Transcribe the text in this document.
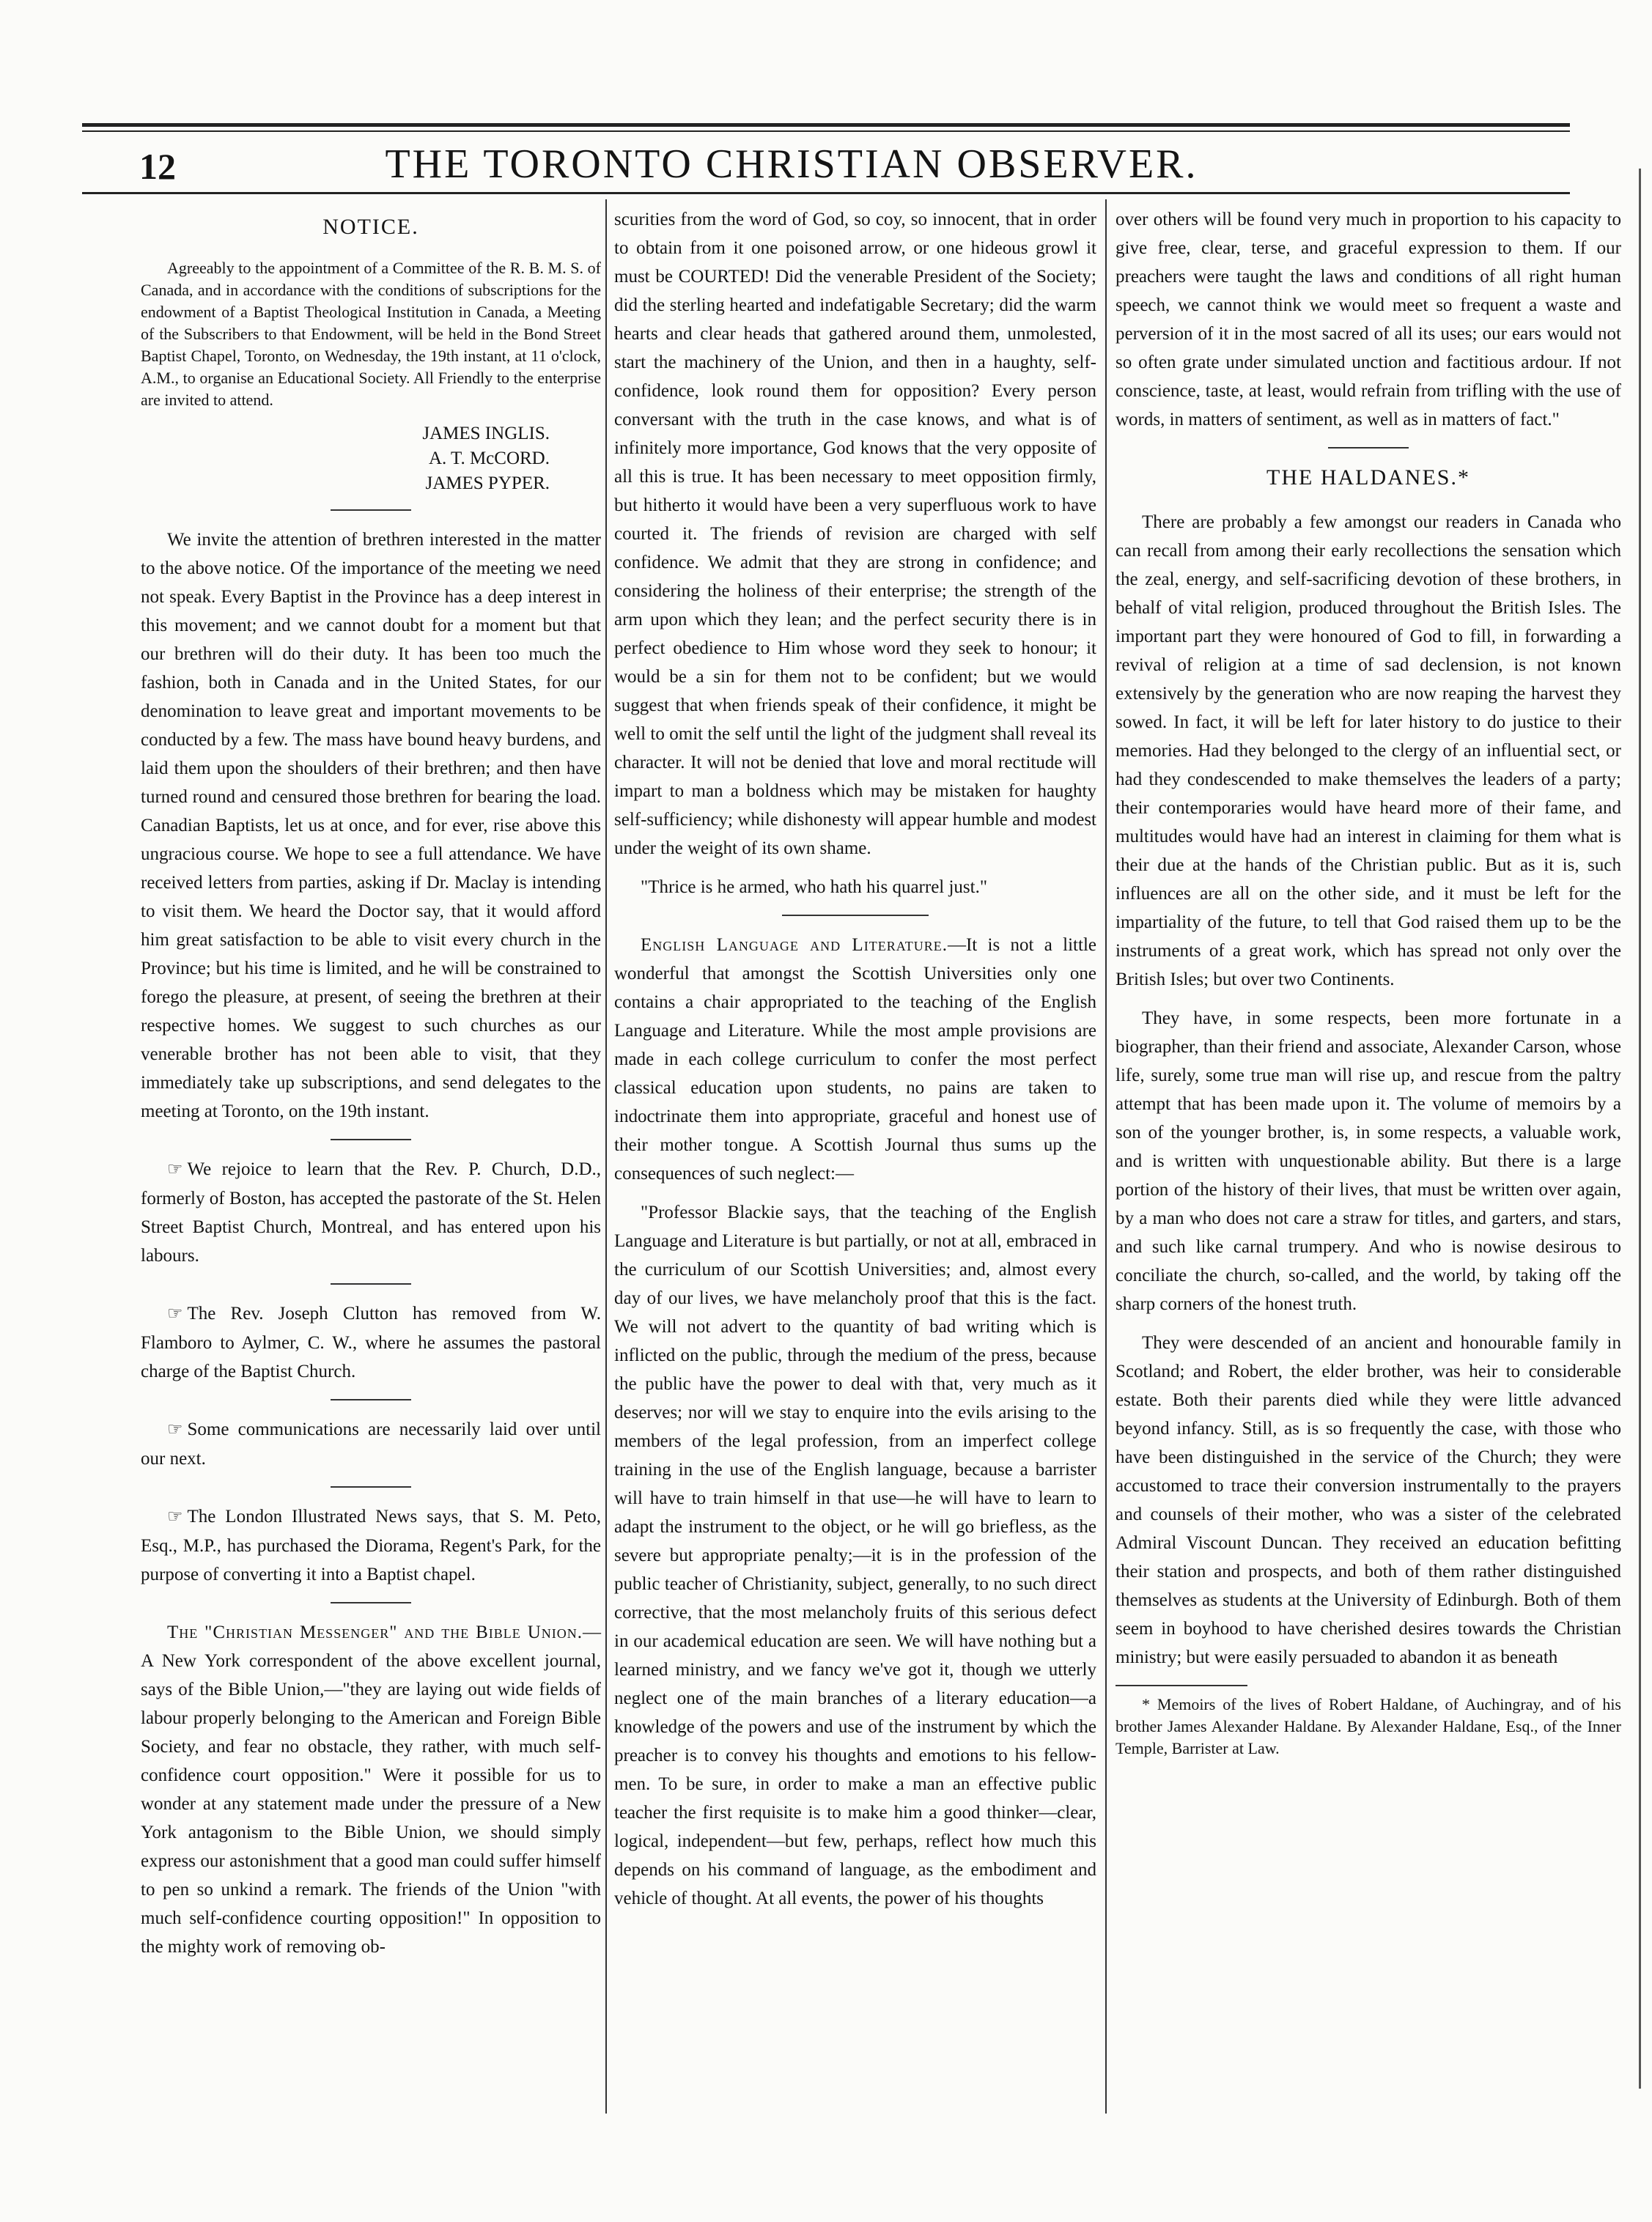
12	THE TORONTO CHRISTIAN OBSERVER.
NOTICE.

Agreeably to the appointment of a Committee of the R. B. M. S. of Canada, and in accordance with the conditions of subscriptions for the endowment of a Baptist Theological Institution in Canada, a Meeting of the Subscribers to that Endowment, will be held in the Bond Street Baptist Chapel, Toronto, on Wednesday, the 19th instant, at 11 o'clock, A.M., to organise an Educational Society. All Friendly to the enterprise are invited to attend.

JAMES INGLIS.
A. T. McCORD.
JAMES PYPER.

We invite the attention of brethren interested in the matter to the above notice. Of the importance of the meeting we need not speak. Every Baptist in the Province has a deep interest in this movement; and we cannot doubt for a moment but that our brethren will do their duty. It has been too much the fashion, both in Canada and in the United States, for our denomination to leave great and important movements to be conducted by a few. The mass have bound heavy burdens, and laid them upon the shoulders of their brethren; and then have turned round and censured those brethren for bearing the load. Canadian Baptists, let us at once, and for ever, rise above this ungracious course. We hope to see a full attendance. We have received letters from parties, asking if Dr. Maclay is intending to visit them. We heard the Doctor say, that it would afford him great satisfaction to be able to visit every church in the Province; but his time is limited, and he will be constrained to forego the pleasure, at present, of seeing the brethren at their respective homes. We suggest to such churches as our venerable brother has not been able to visit, that they immediately take up subscriptions, and send delegates to the meeting at Toronto, on the 19th instant.

☞ We rejoice to learn that the Rev. P. Church, D.D., formerly of Boston, has accepted the pastorate of the St. Helen Street Baptist Church, Montreal, and has entered upon his labours.

☞ The Rev. Joseph Clutton has removed from W. Flamboro to Aylmer, C. W., where he assumes the pastoral charge of the Baptist Church.

☞ Some communications are necessarily laid over until our next.

☞ The London Illustrated News says, that S. M. Peto, Esq., M.P., has purchased the Diorama, Regent's Park, for the purpose of converting it into a Baptist chapel.

The "Christian Messenger" and the Bible Union.—A New York correspondent of the above excellent journal, says of the Bible Union,—"they are laying out wide fields of labour properly belonging to the American and Foreign Bible Society, and fear no obstacle, they rather, with much self-confidence court opposition." Were it possible for us to wonder at any statement made under the pressure of a New York antagonism to the Bible Union, we should simply express our astonishment that a good man could suffer himself to pen so unkind a remark. The friends of the Union "with much self-confidence courting opposition!" In opposition to the mighty work of removing ob-

scurities from the word of God, so coy, so innocent, that in order to obtain from it one poisoned arrow, or one hideous growl it must be COURTED! Did the venerable President of the Society; did the sterling hearted and indefatigable Secretary; did the warm hearts and clear heads that gathered around them, unmolested, start the machinery of the Union, and then in a haughty, self-confidence, look round them for opposition? Every person conversant with the truth in the case knows, and what is of infinitely more importance, God knows that the very opposite of all this is true. It has been necessary to meet opposition firmly, but hitherto it would have been a very superfluous work to have courted it. The friends of revision are charged with self confidence. We admit that they are strong in confidence; and considering the holiness of their enterprise; the strength of the arm upon which they lean; and the perfect security there is in perfect obedience to Him whose word they seek to honour; it would be a sin for them not to be confident; but we would suggest that when friends speak of their confidence, it might be well to omit the self until the light of the judgment shall reveal its character. It will not be denied that love and moral rectitude will impart to man a boldness which may be mistaken for haughty self-sufficiency; while dishonesty will appear humble and modest under the weight of its own shame.

"Thrice is he armed, who hath his quarrel just."

English Language and Literature.—It is not a little wonderful that amongst the Scottish Universities only one contains a chair appropriated to the teaching of the English Language and Literature. While the most ample provisions are made in each college curriculum to confer the most perfect classical education upon students, no pains are taken to indoctrinate them into appropriate, graceful and honest use of their mother tongue. A Scottish Journal thus sums up the consequences of such neglect:—

"Professor Blackie says, that the teaching of the English Language and Literature is but partially, or not at all, embraced in the curriculum of our Scottish Universities; and, almost every day of our lives, we have melancholy proof that this is the fact. We will not advert to the quantity of bad writing which is inflicted on the public, through the medium of the press, because the public have the power to deal with that, very much as it deserves; nor will we stay to enquire into the evils arising to the members of the legal profession, from an imperfect college training in the use of the English language, because a barrister will have to train himself in that use—he will have to learn to adapt the instrument to the object, or he will go briefless, as the severe but appropriate penalty;—it is in the profession of the public teacher of Christianity, subject, generally, to no such direct corrective, that the most melancholy fruits of this serious defect in our academical education are seen. We will have nothing but a learned ministry, and we fancy we've got it, though we utterly neglect one of the main branches of a literary education—a knowledge of the powers and use of the instrument by which the preacher is to convey his thoughts and emotions to his fellow-men. To be sure, in order to make a man an effective public teacher the first requisite is to make him a good thinker—clear, logical, independent—but few, perhaps, reflect how much this depends on his command of language, as the embodiment and vehicle of thought. At all events, the power of his thoughts

over others will be found very much in proportion to his capacity to give free, clear, terse, and graceful expression to them. If our preachers were taught the laws and conditions of all right human speech, we cannot think we would meet so frequent a waste and perversion of it in the most sacred of all its uses; our ears would not so often grate under simulated unction and factitious ardour. If not conscience, taste, at least, would refrain from trifling with the use of words, in matters of sentiment, as well as in matters of fact."

THE HALDANES.*

There are probably a few amongst our readers in Canada who can recall from among their early recollections the sensation which the zeal, energy, and self-sacrificing devotion of these brothers, in behalf of vital religion, produced throughout the British Isles. The important part they were honoured of God to fill, in forwarding a revival of religion at a time of sad declension, is not known extensively by the generation who are now reaping the harvest they sowed. In fact, it will be left for later history to do justice to their memories. Had they belonged to the clergy of an influential sect, or had they condescended to make themselves the leaders of a party; their contemporaries would have heard more of their fame, and multitudes would have had an interest in claiming for them what is their due at the hands of the Christian public. But as it is, such influences are all on the other side, and it must be left for the impartiality of the future, to tell that God raised them up to be the instruments of a great work, which has spread not only over the British Isles; but over two Continents.

They have, in some respects, been more fortunate in a biographer, than their friend and associate, Alexander Carson, whose life, surely, some true man will rise up, and rescue from the paltry attempt that has been made upon it. The volume of memoirs by a son of the younger brother, is, in some respects, a valuable work, and is written with unquestionable ability. But there is a large portion of the history of their lives, that must be written over again, by a man who does not care a straw for titles, and garters, and stars, and such like carnal trumpery. And who is nowise desirous to conciliate the church, so-called, and the world, by taking off the sharp corners of the honest truth.

They were descended of an ancient and honourable family in Scotland; and Robert, the elder brother, was heir to considerable estate. Both their parents died while they were little advanced beyond infancy. Still, as is so frequently the case, with those who have been distinguished in the service of the Church; they were accustomed to trace their conversion instrumentally to the prayers and counsels of their mother, who was a sister of the celebrated Admiral Viscount Duncan. They received an education befitting their station and prospects, and both of them rather distinguished themselves as students at the University of Edinburgh. Both of them seem in boyhood to have cherished desires towards the Christian ministry; but were easily persuaded to abandon it as beneath

* Memoirs of the lives of Robert Haldane, of Auchingray, and of his brother James Alexander Haldane. By Alexander Haldane, Esq., of the Inner Temple, Barrister at Law.
